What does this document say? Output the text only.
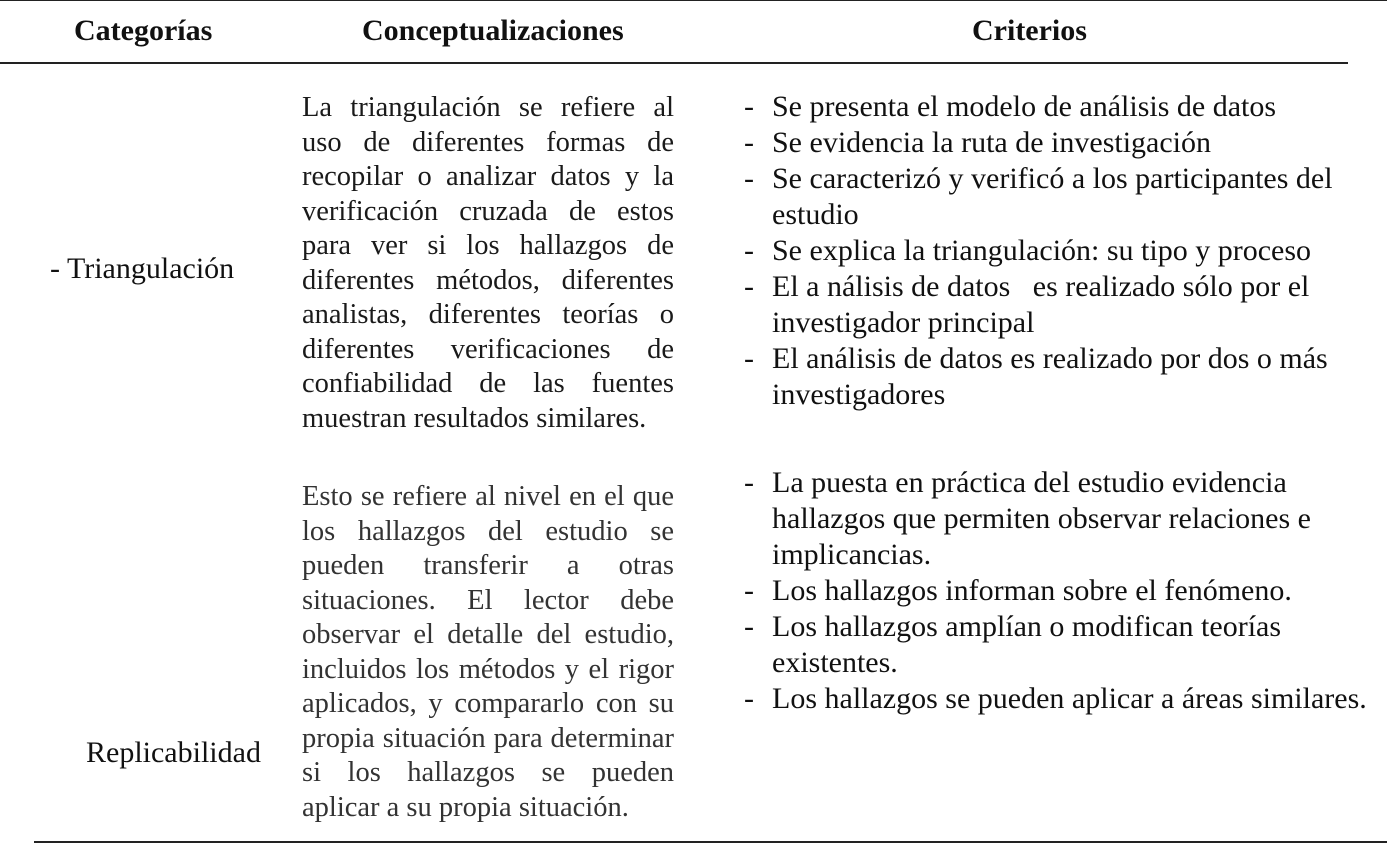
Categorías	Conceptualizaciones	Criterios
- Triangulación
La triangulación se refiere al uso de diferentes formas de recopilar o analizar datos y la verificación cruzada de estos para ver si los hallazgos de diferentes métodos, diferentes analistas, diferentes teorías o diferentes verificaciones de confiabilidad de las fuentes muestran resultados similares.
- Se presenta el modelo de análisis de datos
- Se evidencia la ruta de investigación
- Se caracterizó y verificó a los participantes del estudio
- Se explica la triangulación: su tipo y proceso
- El a nálisis de datos   es realizado sólo por el investigador principal
- El análisis de datos es realizado por dos o más investigadores
Replicabilidad
Esto se refiere al nivel en el que los hallazgos del estudio se pueden transferir a otras situaciones. El lector debe observar el detalle del estudio, incluidos los métodos y el rigor aplicados, y compararlo con su propia situación para determinar si los hallazgos se pueden aplicar a su propia situación.
- La puesta en práctica del estudio evidencia hallazgos que permiten observar relaciones e implicancias.
- Los hallazgos informan sobre el fenómeno.
- Los hallazgos amplían o modifican teorías existentes.
- Los hallazgos se pueden aplicar a áreas similares.
